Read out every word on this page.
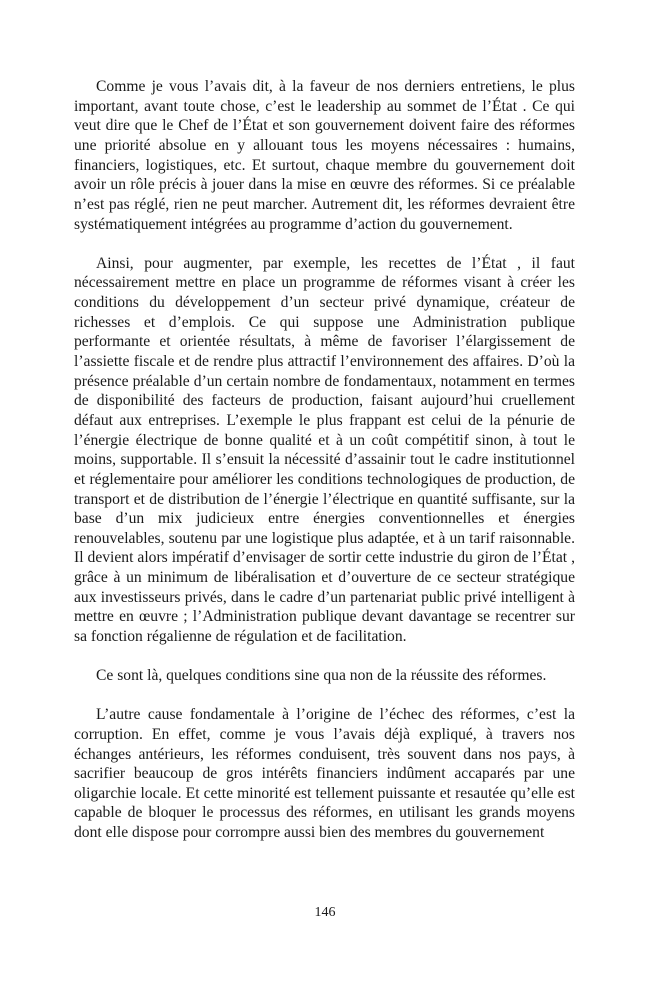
Comme je vous l’avais dit, à la faveur de nos derniers entretiens, le plus important, avant toute chose, c’est le leadership au sommet de l’État . Ce qui veut dire que le Chef de l’État et son gouvernement doivent faire des réformes une priorité absolue en y allouant tous les moyens nécessaires : humains, financiers, logistiques, etc. Et surtout, chaque membre du gouvernement doit avoir un rôle précis à jouer dans la mise en œuvre des réformes. Si ce préalable n’est pas réglé, rien ne peut marcher. Autrement dit, les réformes devraient être systématiquement intégrées au programme d’action du gouvernement.

Ainsi, pour augmenter, par exemple, les recettes de l’État , il faut nécessairement mettre en place un programme de réformes visant à créer les conditions du développement d’un secteur privé dynamique, créateur de richesses et d’emplois. Ce qui suppose une Administration publique performante et orientée résultats, à même de favoriser l’élargissement de l’assiette fiscale et de rendre plus attractif l’environnement des affaires. D’où la présence préalable d’un certain nombre de fondamentaux, notamment en termes de disponibilité des facteurs de production, faisant aujourd’hui cruellement défaut aux entreprises. L’exemple le plus frappant est celui de la pénurie de l’énergie électrique de bonne qualité et à un coût compétitif sinon, à tout le moins, supportable. Il s’ensuit la nécessité d’assainir tout le cadre institutionnel et réglementaire pour améliorer les conditions technologiques de production, de transport et de distribution de l’énergie l’électrique en quantité suffisante, sur la base d’un mix judicieux entre énergies conventionnelles et énergies renouvelables, soutenu par une logistique plus adaptée, et à un tarif raisonnable. Il devient alors impératif d’envisager de sortir cette industrie du giron de l’État , grâce à un minimum de libéralisation et d’ouverture de ce secteur stratégique aux investisseurs privés, dans le cadre d’un partenariat public privé intelligent à mettre en œuvre ; l’Administration publique devant davantage se recentrer sur sa fonction régalienne de régulation et de facilitation.

Ce sont là, quelques conditions sine qua non de la réussite des réformes.

L’autre cause fondamentale à l’origine de l’échec des réformes, c’est la corruption. En effet, comme je vous l’avais déjà expliqué, à travers nos échanges antérieurs, les réformes conduisent, très souvent dans nos pays, à sacrifier beaucoup de gros intérêts financiers indûment accaparés par une oligarchie locale. Et cette minorité est tellement puissante et resautée qu’elle est capable de bloquer le processus des réformes, en utilisant les grands moyens dont elle dispose pour corrompre aussi bien des membres du gouvernement

146
